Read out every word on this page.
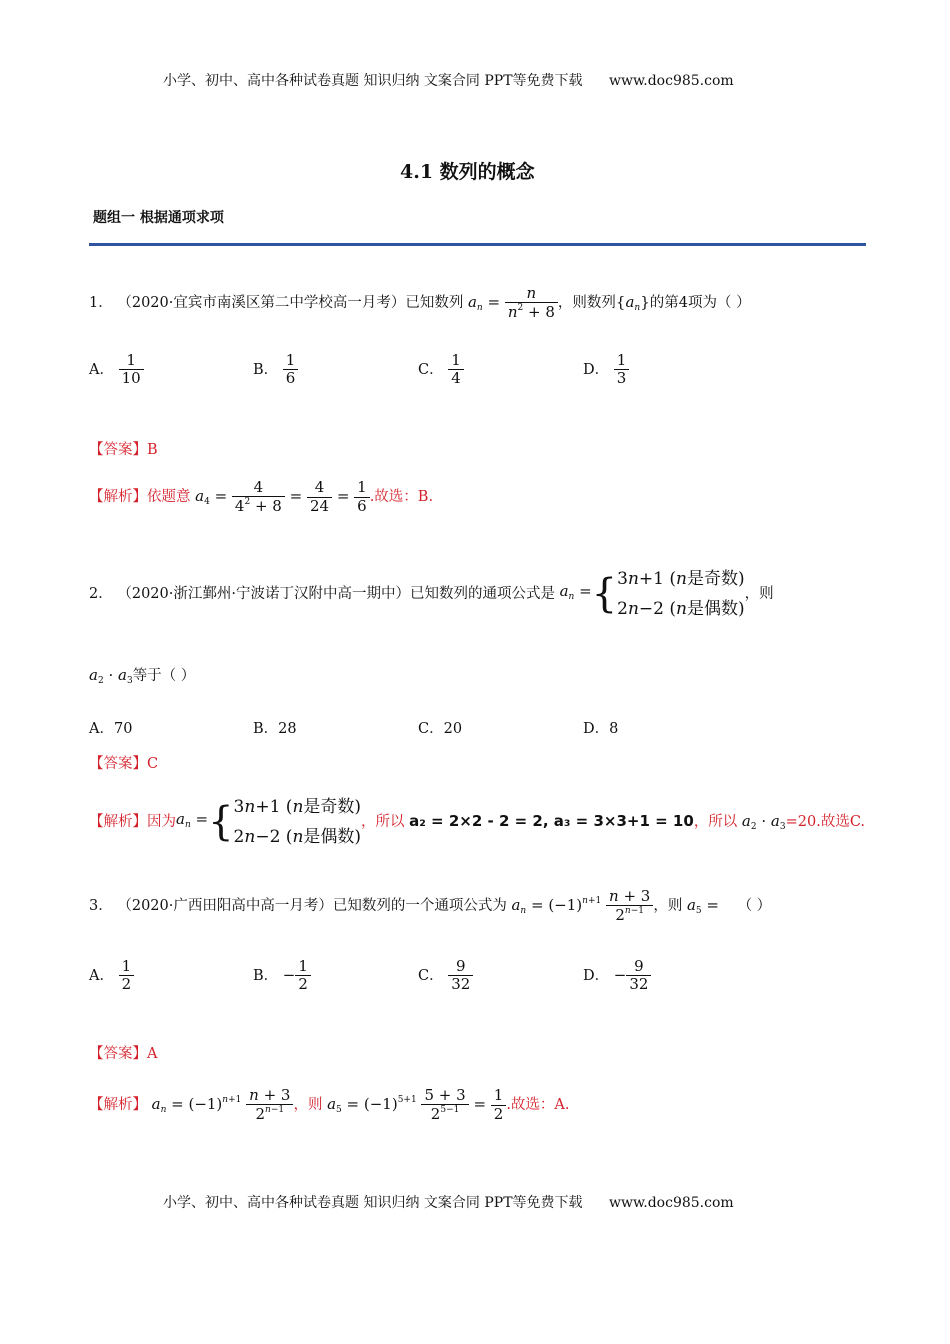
小学、初中、高中各种试卷真题 知识归纳 文案合同 PPT等免费下载 www.doc985.com
4.1 数列的概念
题组一 根据通项求项
1． （2020·宜宾市南溪区第二中学校高一月考）已知数列 $a_n = \frac{n}{n^2 + 8}$ ，则数列$\{a_n\}$的第4项为（ ）
A． $\frac{1}{10}$	B． $\frac{1}{6}$	C． $\frac{1}{4}$	D． $\frac{1}{3}$
【答案】B
【解析】依题意 $a_4 = \frac{4}{4^2 + 8} = \frac{4}{24} = \frac{1}{6}$ .故选：B.
2． （2020·浙江鄞州·宁波诺丁汉附中高一期中）已知数列的通项公式是 $a_n$ ={ 3n+1 (n是奇数)
2n−2 (n是偶数)
，则
$a_2 \cdot a_3$等于（ ）
A．70	B．28	C．20	D．8
【答案】C
【解析】因为$a_n$ ={ 3n+1 (n是奇数)
2n−2 (n是偶数)
，所以 a₂ = 2×2 - 2 = 2, a₃ = 3×3+1 = 10，所以 $a_2 \cdot a_3=20$.故选C.
3． （2020·广西田阳高中高一月考）已知数列的一个通项公式为 $a_n = (-1)^{n+1} \frac{n + 3}{2^{n-1}}$ ，则 $a_5$ = （ ）
A． $\frac{1}{2}$	B． − $\frac{1}{2}$	C． $\frac{9}{32}$	D． − $\frac{9}{32}$
【答案】A
【解析】 $a_n = (-1)^{n+1} \frac{n + 3}{2^{n-1}}$ ，则 $a_5 = (-1)^{5+1} \frac{5 + 3}{2^{5-1}} = \frac{1}{2}$ .故选：A.
小学、初中、高中各种试卷真题 知识归纳 文案合同 PPT等免费下载 www.doc985.com
